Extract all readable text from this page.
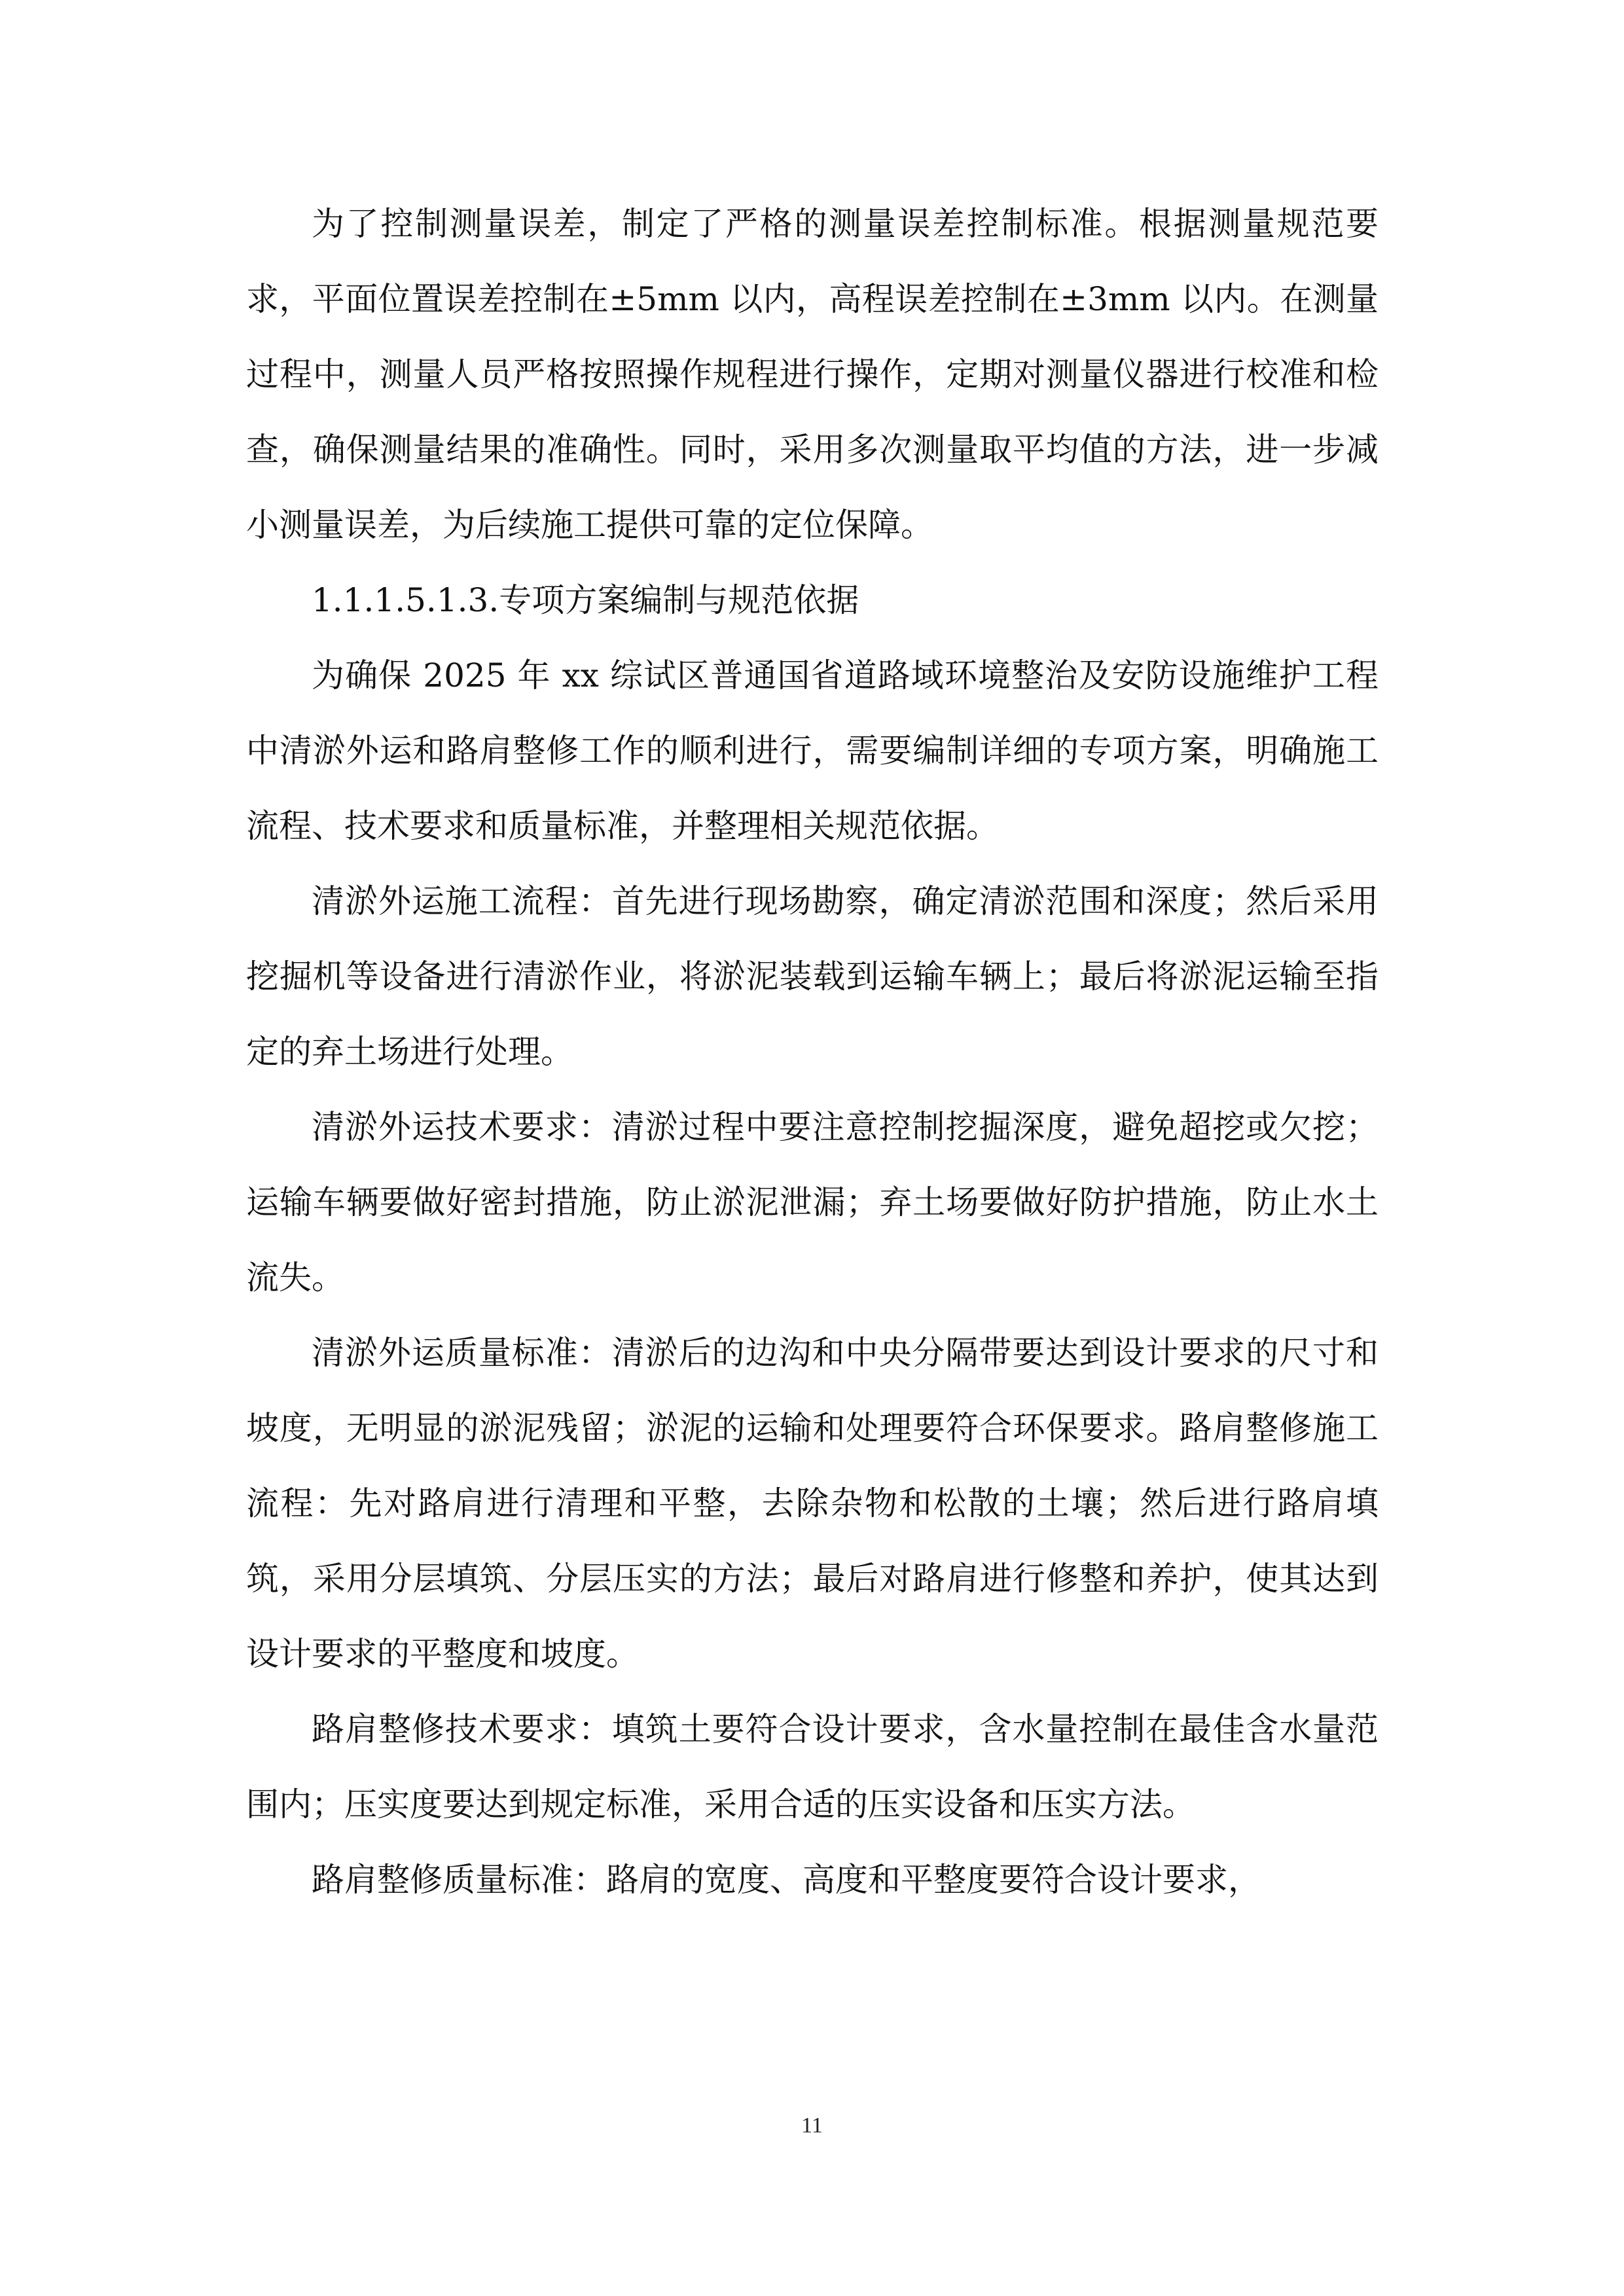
为了控制测量误差，制定了严格的测量误差控制标准。根据测量规范要求，平面位置误差控制在±5mm 以内，高程误差控制在±3mm 以内。在测量过程中，测量人员严格按照操作规程进行操作，定期对测量仪器进行校准和检查，确保测量结果的准确性。同时，采用多次测量取平均值的方法，进一步减小测量误差，为后续施工提供可靠的定位保障。

1.1.1.5.1.3.专项方案编制与规范依据

为确保 2025 年 xx 综试区普通国省道路域环境整治及安防设施维护工程中清淤外运和路肩整修工作的顺利进行，需要编制详细的专项方案，明确施工流程、技术要求和质量标准，并整理相关规范依据。

清淤外运施工流程：首先进行现场勘察，确定清淤范围和深度；然后采用挖掘机等设备进行清淤作业，将淤泥装载到运输车辆上；最后将淤泥运输至指定的弃土场进行处理。

清淤外运技术要求：清淤过程中要注意控制挖掘深度，避免超挖或欠挖；运输车辆要做好密封措施，防止淤泥泄漏；弃土场要做好防护措施，防止水土流失。

清淤外运质量标准：清淤后的边沟和中央分隔带要达到设计要求的尺寸和坡度，无明显的淤泥残留；淤泥的运输和处理要符合环保要求。路肩整修施工流程：先对路肩进行清理和平整，去除杂物和松散的土壤；然后进行路肩填筑，采用分层填筑、分层压实的方法；最后对路肩进行修整和养护，使其达到设计要求的平整度和坡度。

路肩整修技术要求：填筑土要符合设计要求，含水量控制在最佳含水量范围内；压实度要达到规定标准，采用合适的压实设备和压实方法。

路肩整修质量标准：路肩的宽度、高度和平整度要符合设计要求，

11
